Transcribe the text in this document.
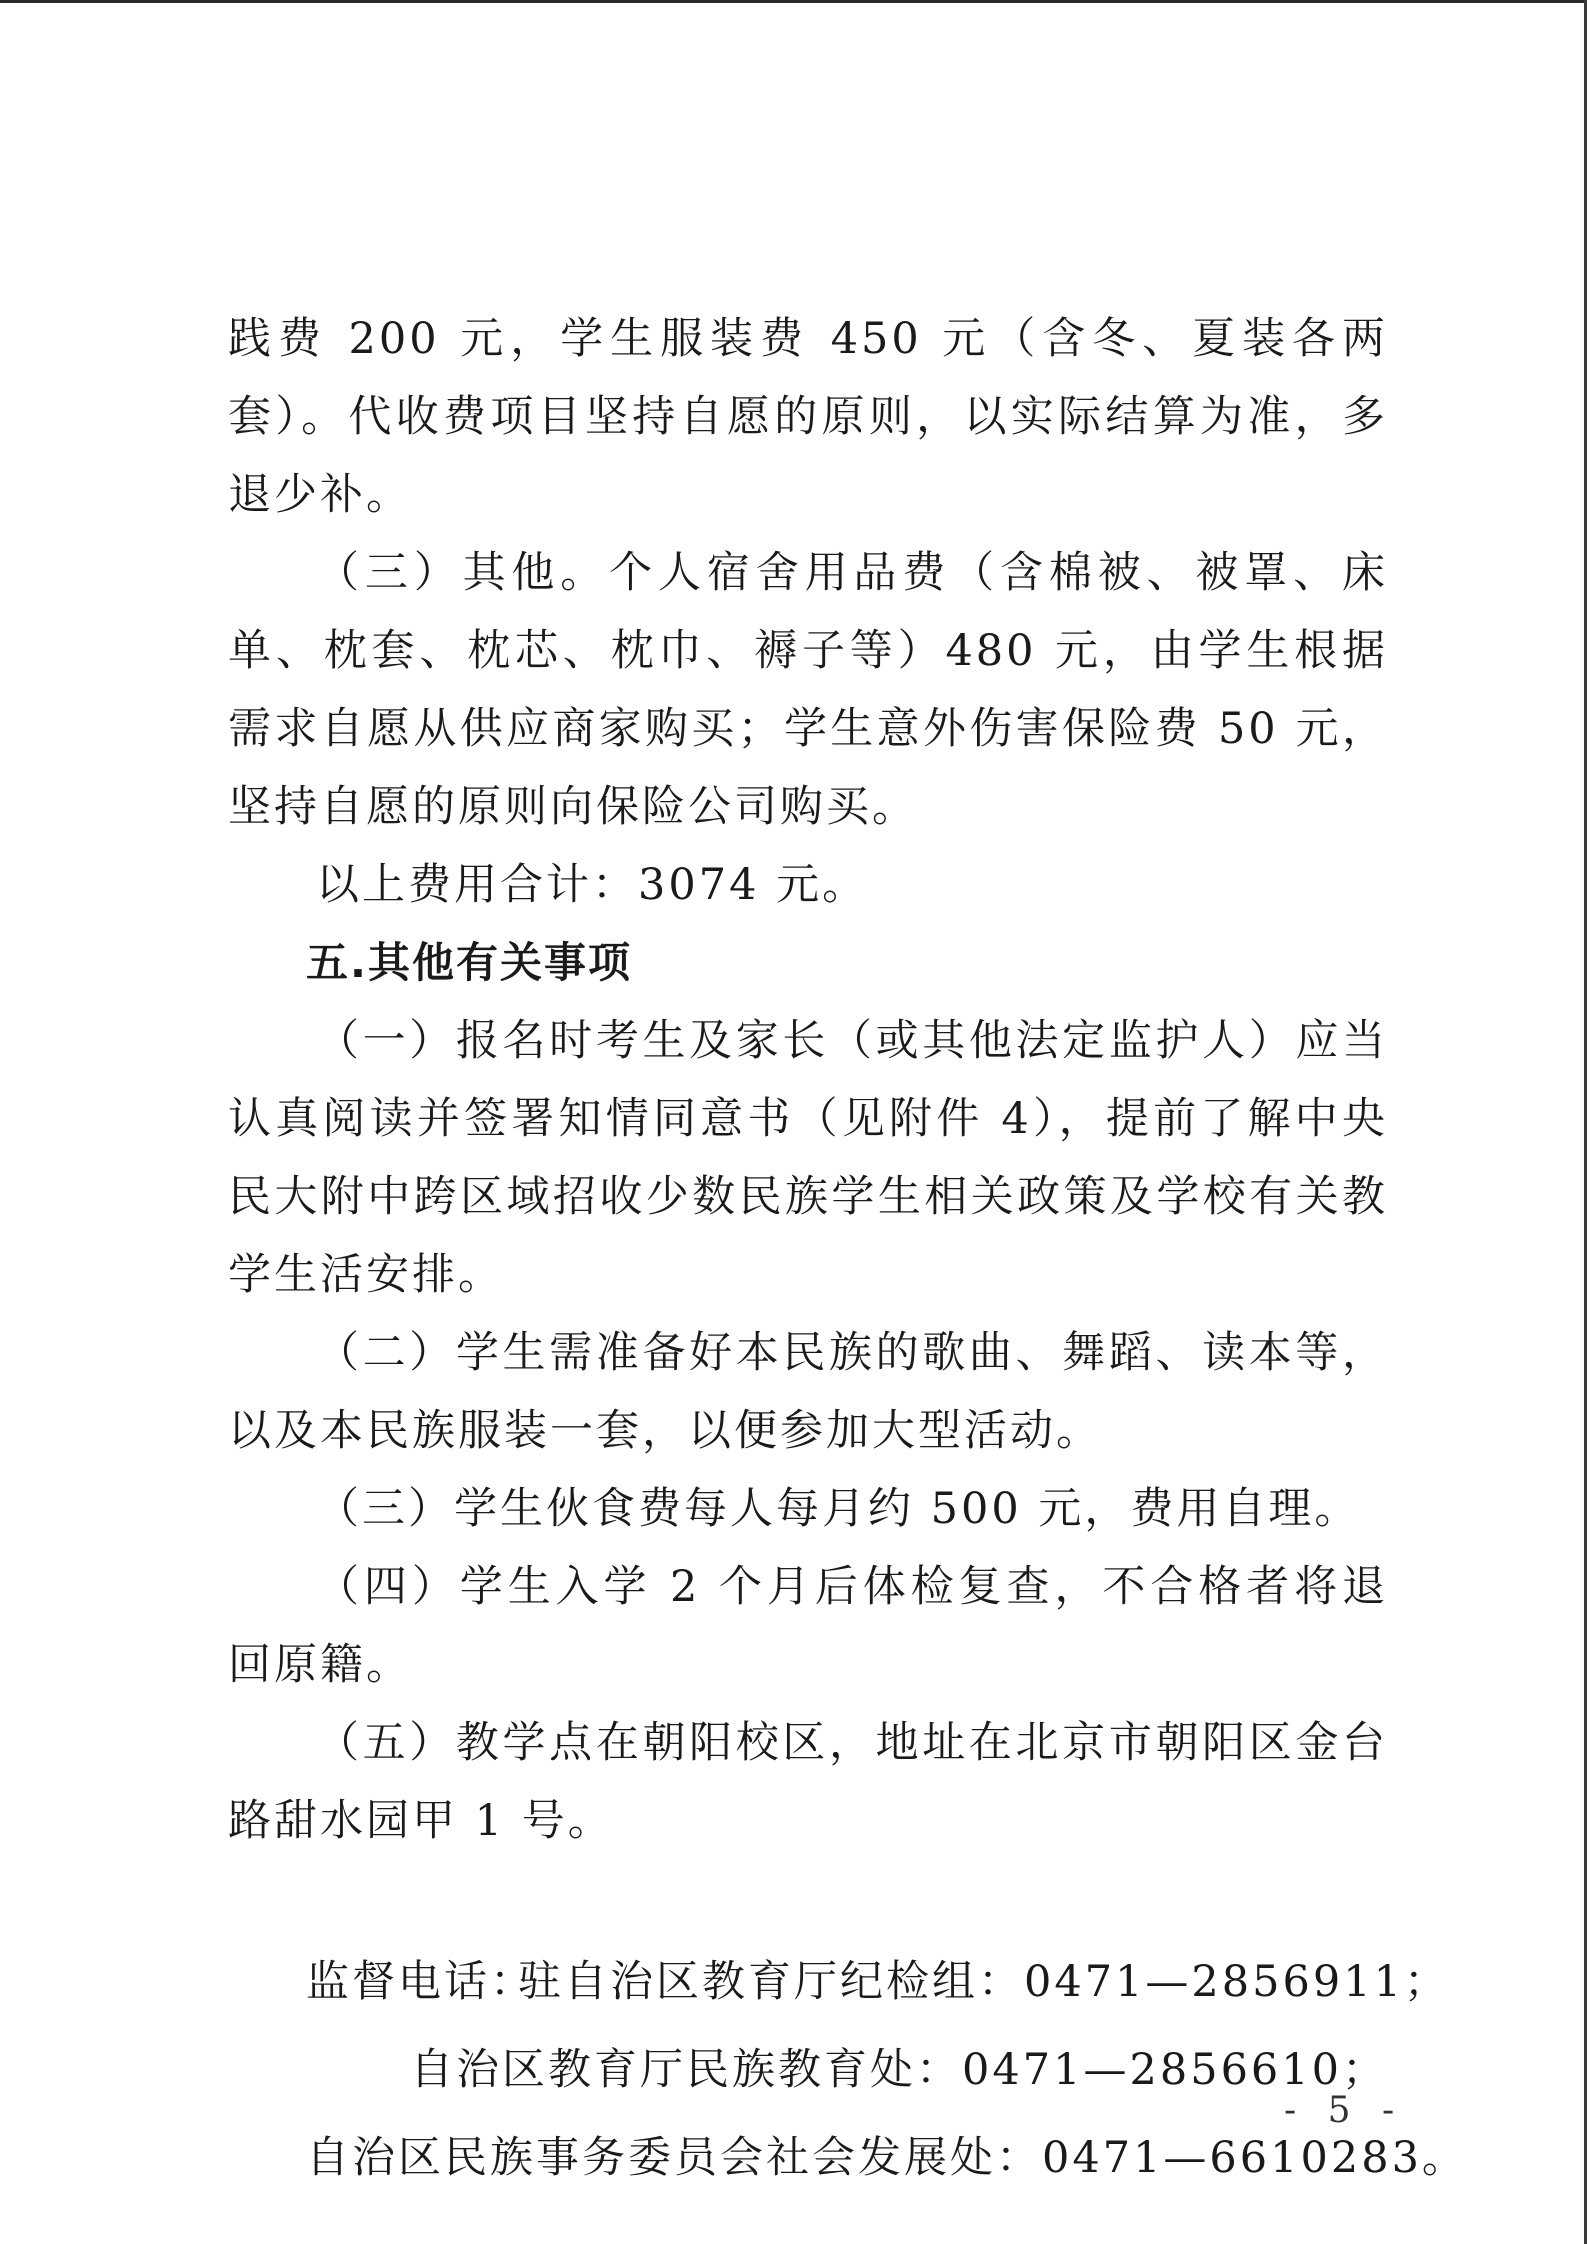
践费 200 元，学生服装费 450 元（含冬、夏装各两套）。代收费项目坚持自愿的原则，以实际结算为准，多退少补。

（三）其他。个人宿舍用品费（含棉被、被罩、床单、枕套、枕芯、枕巾、褥子等）480 元，由学生根据需求自愿从供应商家购买；学生意外伤害保险费 50 元，坚持自愿的原则向保险公司购买。

以上费用合计：3074 元。

五.其他有关事项

（一）报名时考生及家长（或其他法定监护人）应当认真阅读并签署知情同意书（见附件 4），提前了解中央民大附中跨区域招收少数民族学生相关政策及学校有关教学生活安排。

（二）学生需准备好本民族的歌曲、舞蹈、读本等，以及本民族服装一套，以便参加大型活动。

（三）学生伙食费每人每月约 500 元，费用自理。

（四）学生入学 2 个月后体检复查，不合格者将退回原籍。

（五）教学点在朝阳校区，地址在北京市朝阳区金台路甜水园甲 1 号。

监督电话：
驻自治区教育厅纪检组：0471—2856911；
自治区教育厅民族教育处：0471—2856610；
自治区民族事务委员会社会发展处：0471—6610283。
- 5 -
